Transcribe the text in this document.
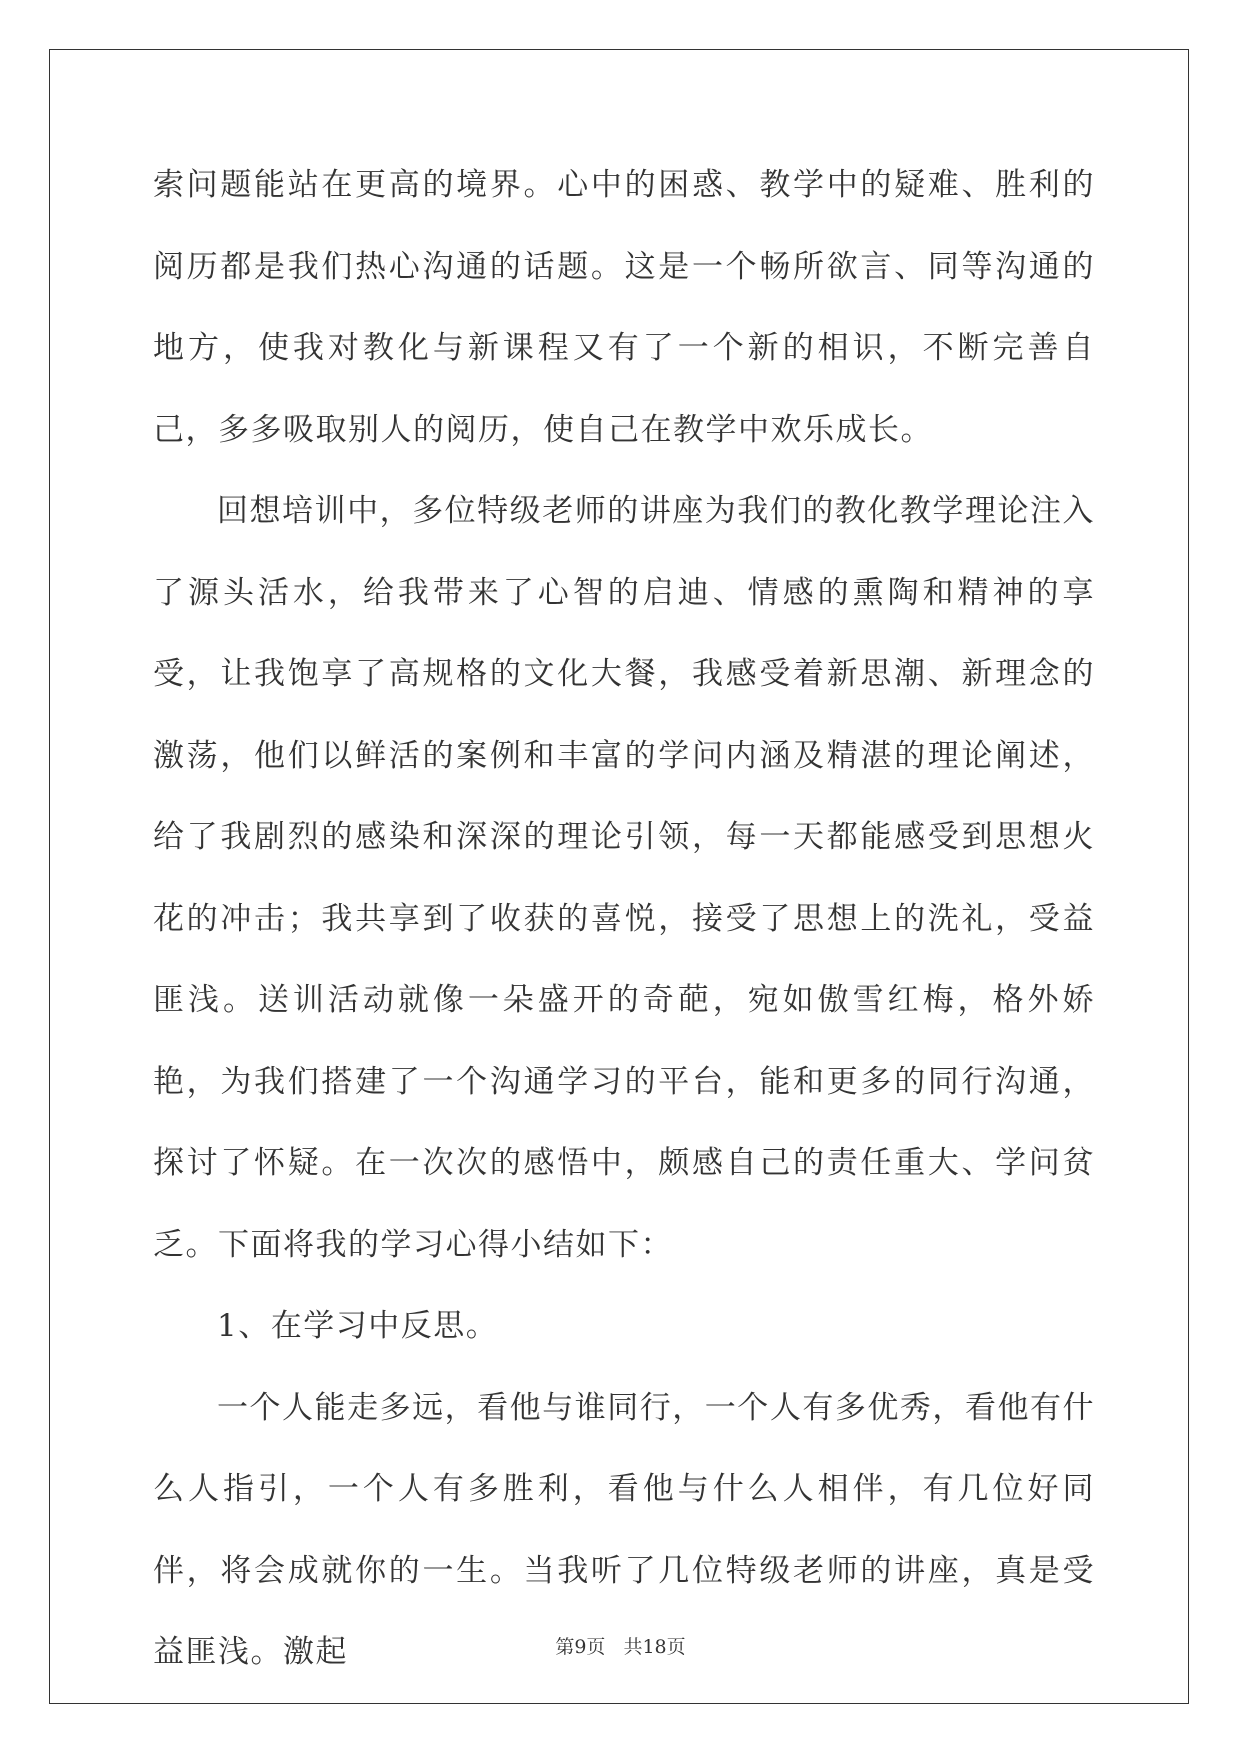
索问题能站在更高的境界。心中的困惑、教学中的疑难、胜利的阅历都是我们热心沟通的话题。这是一个畅所欲言、同等沟通的地方，使我对教化与新课程又有了一个新的相识，不断完善自己，多多吸取别人的阅历，使自己在教学中欢乐成长。

回想培训中，多位特级老师的讲座为我们的教化教学理论注入了源头活水，给我带来了心智的启迪、情感的熏陶和精神的享受，让我饱享了高规格的文化大餐，我感受着新思潮、新理念的激荡，他们以鲜活的案例和丰富的学问内涵及精湛的理论阐述，给了我剧烈的感染和深深的理论引领，每一天都能感受到思想火花的冲击；我共享到了收获的喜悦，接受了思想上的洗礼，受益匪浅。送训活动就像一朵盛开的奇葩，宛如傲雪红梅，格外娇艳，为我们搭建了一个沟通学习的平台，能和更多的同行沟通，探讨了怀疑。在一次次的感悟中，颇感自己的责任重大、学问贫乏。下面将我的学习心得小结如下：

1、在学习中反思。

一个人能走多远，看他与谁同行，一个人有多优秀，看他有什么人指引，一个人有多胜利，看他与什么人相伴，有几位好同伴，将会成就你的一生。当我听了几位特级老师的讲座，真是受益匪浅。激起	第9页 共18页
